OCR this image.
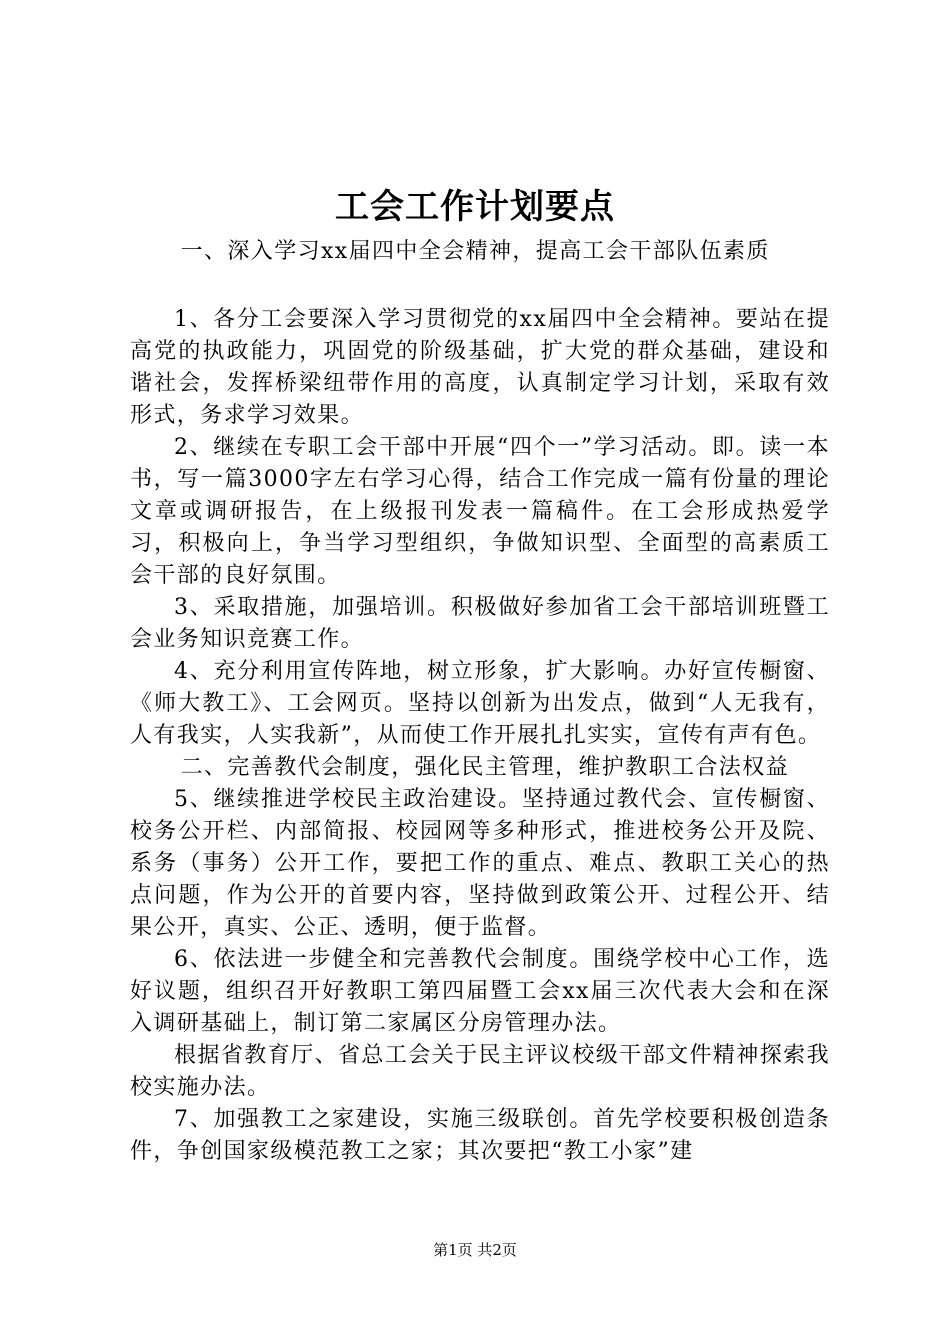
工会工作计划要点

一、深入学习xx届四中全会精神，提高工会干部队伍素质

1、各分工会要深入学习贯彻党的xx届四中全会精神。要站在提高党的执政能力，巩固党的阶级基础，扩大党的群众基础，建设和谐社会，发挥桥梁纽带作用的高度，认真制定学习计划，采取有效形式，务求学习效果。

2、继续在专职工会干部中开展“四个一”学习活动。即。读一本书，写一篇3000字左右学习心得，结合工作完成一篇有份量的理论文章或调研报告，在上级报刊发表一篇稿件。在工会形成热爱学习，积极向上，争当学习型组织，争做知识型、全面型的高素质工会干部的良好氛围。

3、采取措施，加强培训。积极做好参加省工会干部培训班暨工会业务知识竞赛工作。

4、充分利用宣传阵地，树立形象，扩大影响。办好宣传橱窗、《师大教工》、工会网页。坚持以创新为出发点，做到“人无我有，人有我实，人实我新”，从而使工作开展扎扎实实，宣传有声有色。

二、完善教代会制度，强化民主管理，维护教职工合法权益

5、继续推进学校民主政治建设。坚持通过教代会、宣传橱窗、校务公开栏、内部简报、校园网等多种形式，推进校务公开及院、系务（事务）公开工作，要把工作的重点、难点、教职工关心的热点问题，作为公开的首要内容，坚持做到政策公开、过程公开、结果公开，真实、公正、透明，便于监督。

6、依法进一步健全和完善教代会制度。围绕学校中心工作，选好议题，组织召开好教职工第四届暨工会xx届三次代表大会和在深入调研基础上，制订第二家属区分房管理办法。

根据省教育厅、省总工会关于民主评议校级干部文件精神探索我校实施办法。

7、加强教工之家建设，实施三级联创。首先学校要积极创造条件，争创国家级模范教工之家；其次要把“教工小家”建

第1页 共2页
